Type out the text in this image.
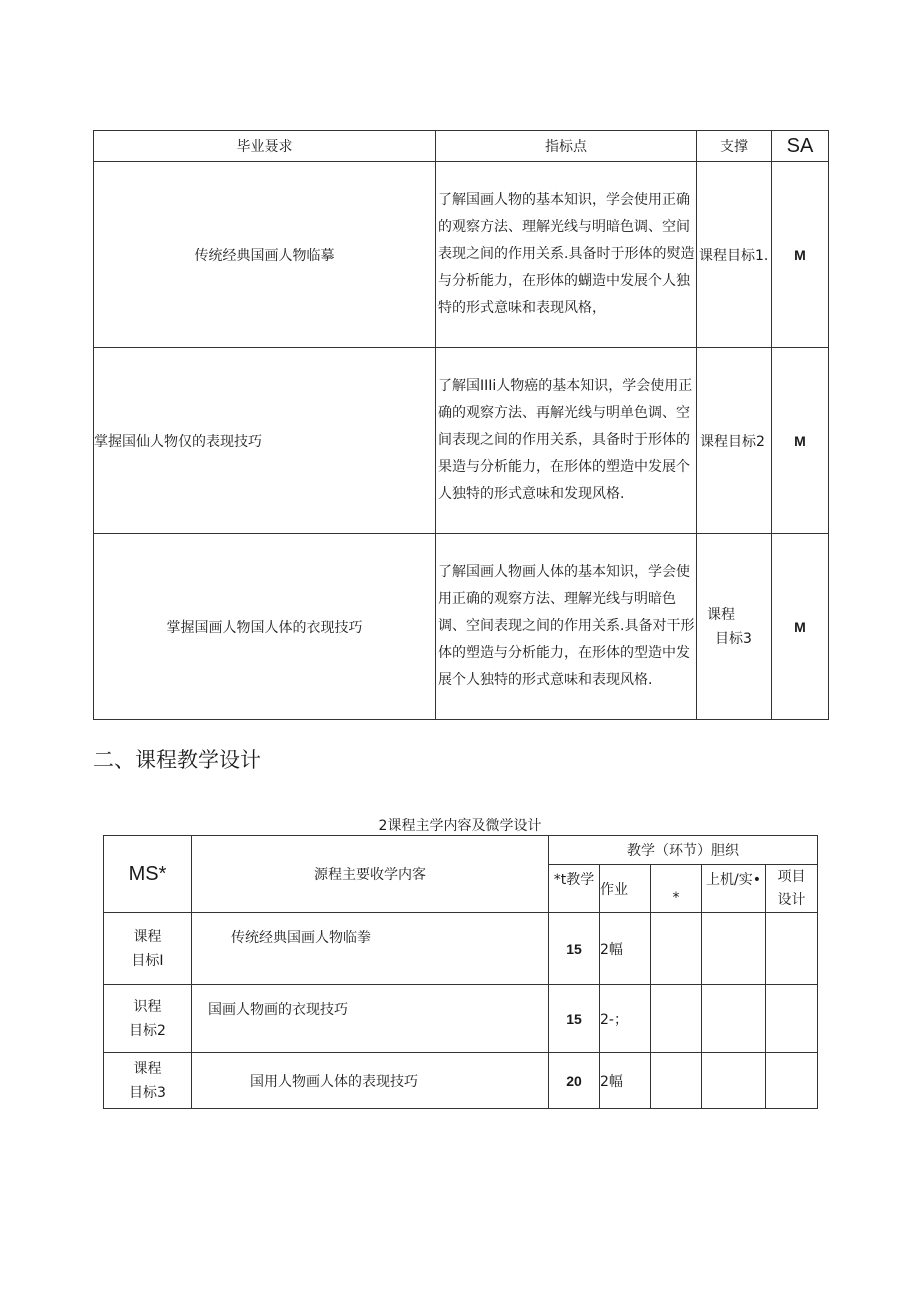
毕业聂求	指标点	支撑	SA
传统经典国画人物临摹	了解国画人物的基本知识，学会使用正确的观察方法、理解光线与明暗色调、空间表现之间的作用关系.具备时于形体的熨造与分析能力，在形体的蝴造中发展个人独特的形式意味和表现风格，	课程目标1.	M
掌握国仙人物仅的表现技巧	了解国IIIi人物癌的基本知识，学会使用正确的观察方法、再解光线与明单色调、空间表现之间的作用关系，具备时于形体的果造与分析能力，在形体的塑造中发展个人独特的形式意味和发现风格.	课程目标2	M
掌握国画人物国人体的衣现技巧	了解国画人物画人体的基本知识，学会使用正确的观察方法、理解光线与明暗色调、空间表现之间的作用关系.具备对干形体的塑造与分析能力，在形体的型造中发展个人独特的形式意味和表现风格.	课程
目标3	M
二、课程教学设计
2课程主学内容及微学设计
MS*	源程主要收学内客	教学（环节）胆织				
		*t教学	作业	*	上机/实•	项目
设计

课程
目标I	传统经典国画人物临拳	15	2幅			

识程
目标2	国画人物画的衣现技巧	15	2-；			

课程
目标3	国用人物画人体的表现技巧	20	2幅			
